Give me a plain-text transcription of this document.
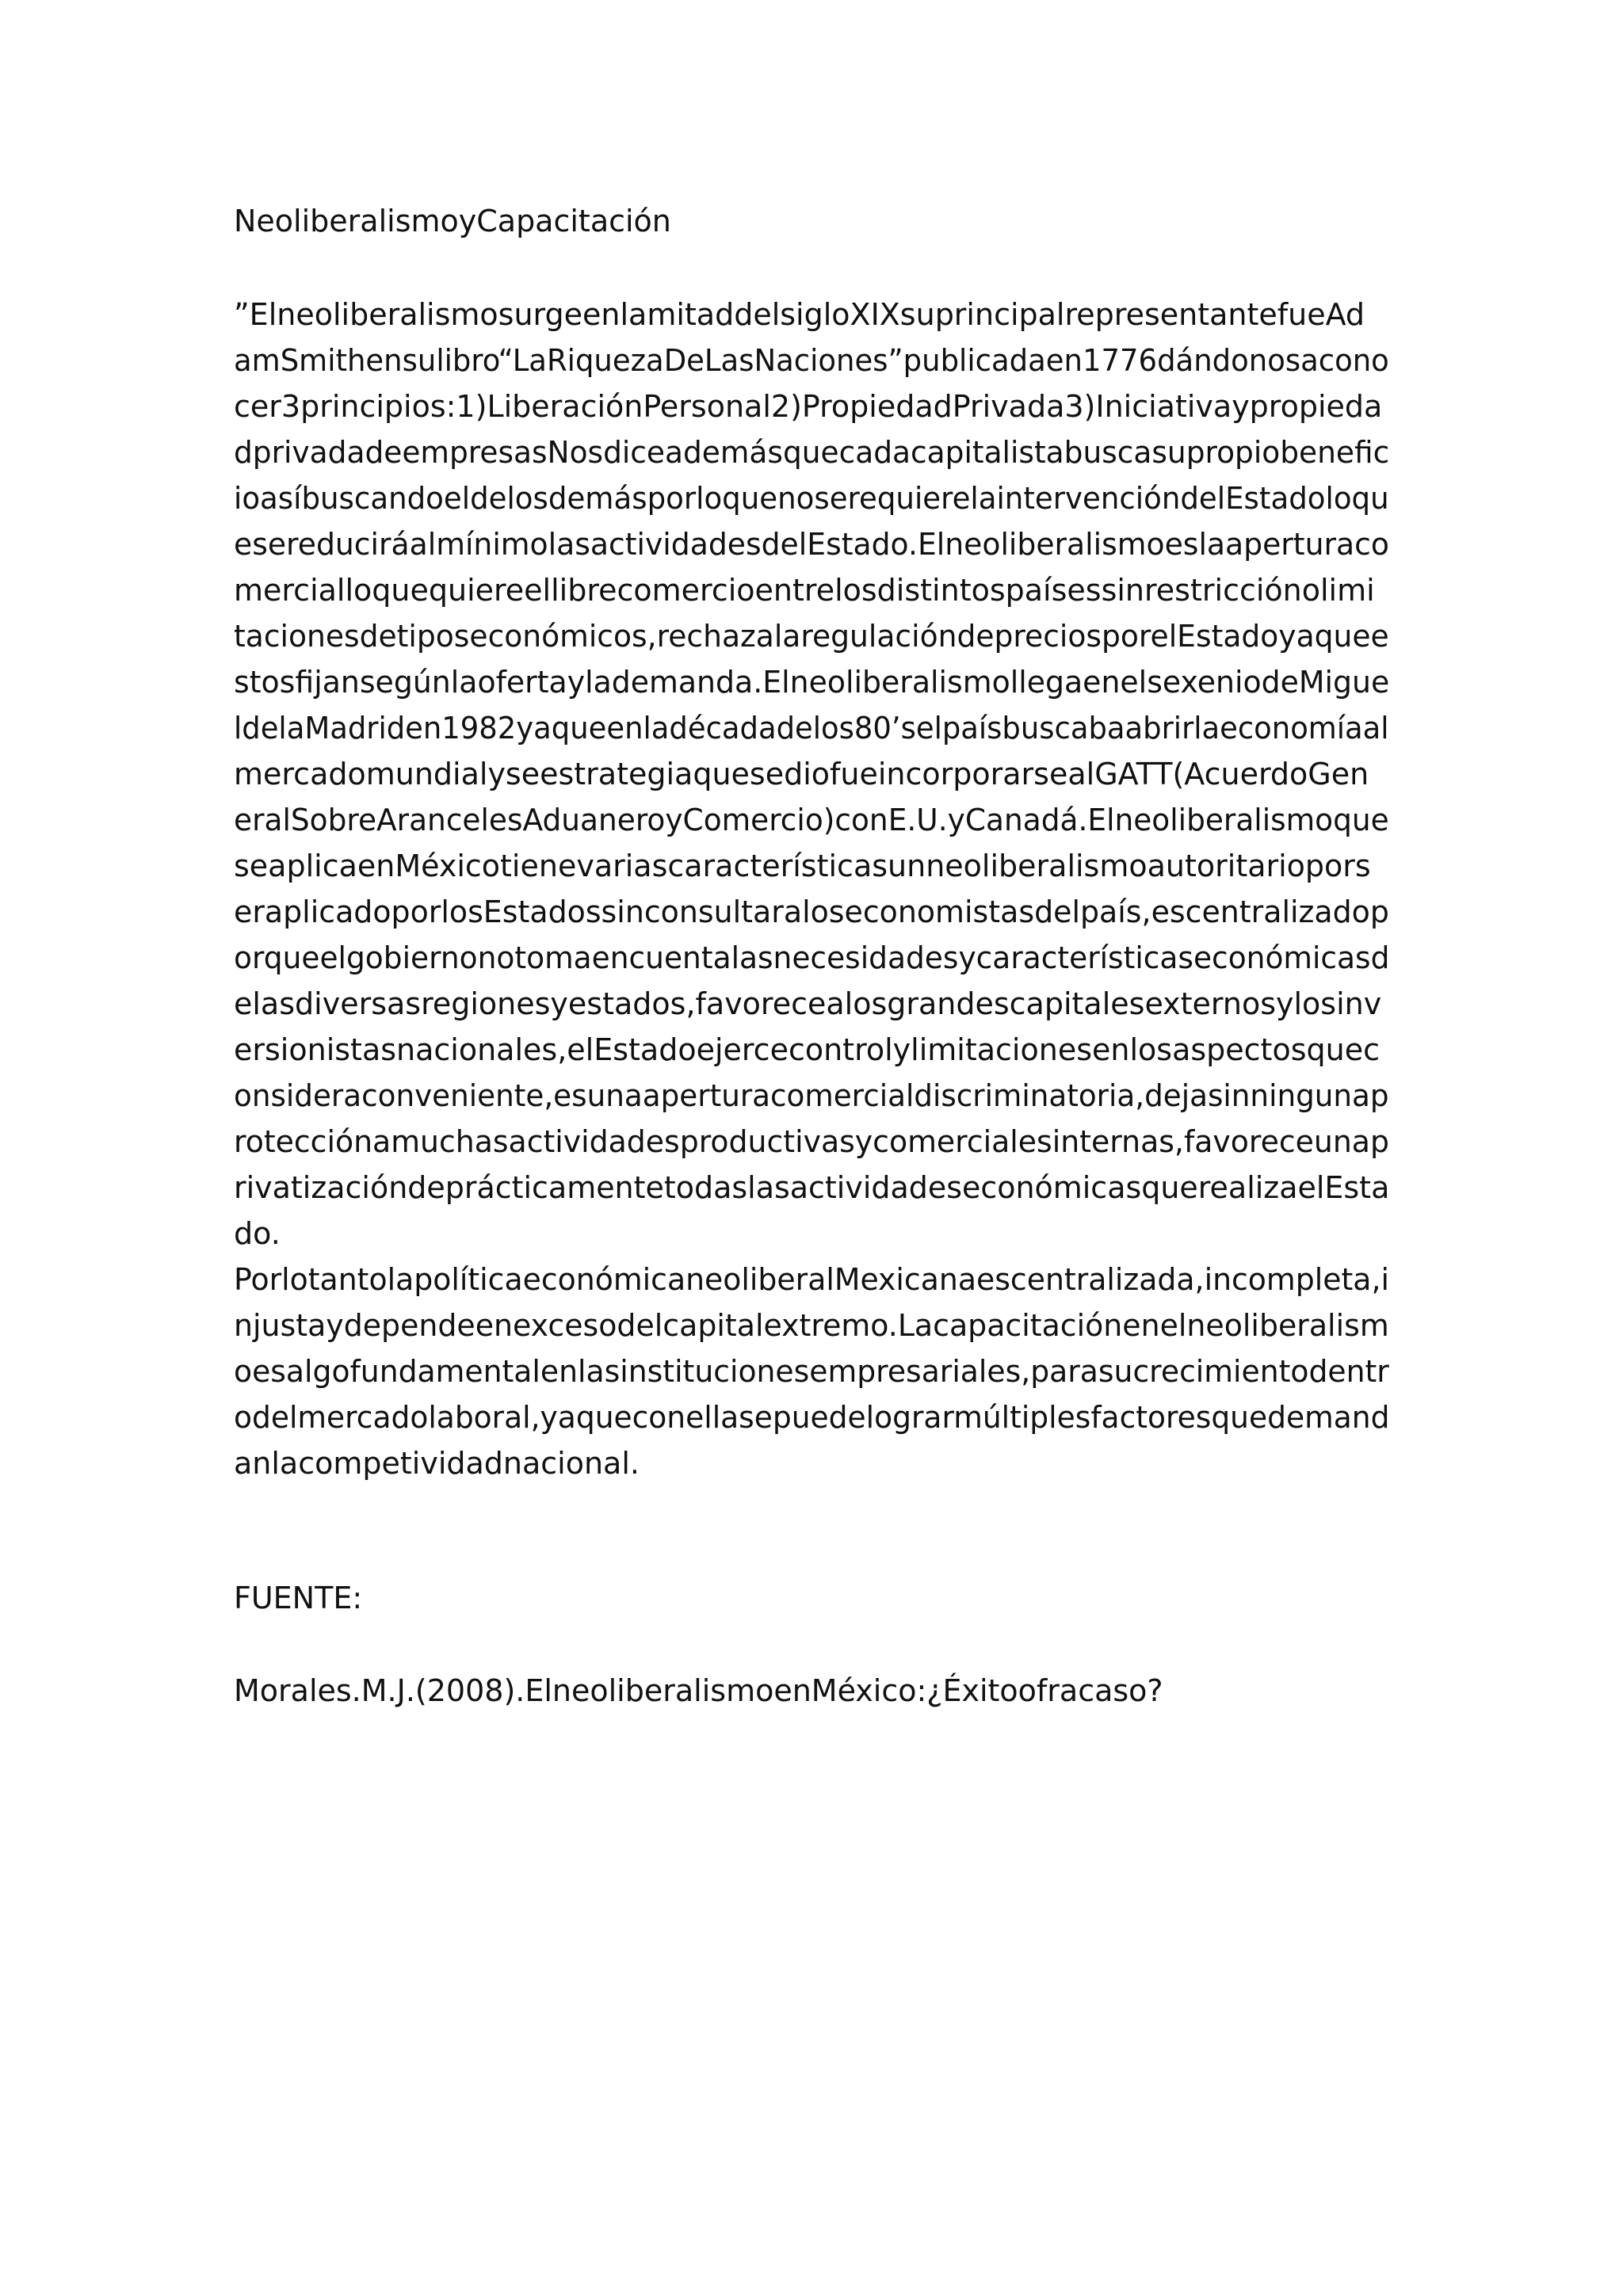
NeoliberalismoyCapacitación
”ElneoliberalismosurgeenlamitaddelsigloXIXsuprincipalrepresentantefueAd
amSmithensulibro“LaRiquezaDeLasNaciones”publicadaen1776dándonosacono
cer3principios:1)LiberaciónPersonal2)PropiedadPrivada3)Iniciativaypropieda
dprivadadeempresasNosdiceademásquecadacapitalistabuscasupropiobenefic
ioasíbuscandoeldelosdemásporloquenoserequierelaintervencióndelEstadoloqu
esereduciráalmínimolasactividadesdelEstado.Elneoliberalismoeslaaperturaco
mercialloquequiereellibrecomercioentrelosdistintospaísessinrestricciónolimi
tacionesdetiposeconómicos,rechazalaregulacióndepreciosporelEstadoyaquee
stosfijansegúnlaofertaylademanda.ElneoliberalismollegaenelsexeniodeMigue
ldelaMadriden1982yaqueenladécadadelos80’selpaísbuscabaabrirlaeconomíaal
mercadomundialyseestrategiaquesediofueincorporarsealGATT(AcuerdoGen
eralSobreArancelesAduaneroyComercio)conE.U.yCanadá.Elneoliberalismoque
seaplicaenMéxicotienevariascaracterísticasunneoliberalismoautoritariopors
eraplicadoporlosEstadossinconsultaraloseconomistasdelpaís,escentralizadop
orqueelgobiernonotomaencuentalasnecesidadesycaracterísticaseconómicasd
elasdiversasregionesyestados,favorecealosgrandescapitalesexternosylosinv
ersionistasnacionales,elEstadoejercecontrolylimitacionesenlosaspectosquec
onsideraconveniente,esunaaperturacomercialdiscriminatoria,dejasinningunap
rotecciónamuchasactividadesproductivasycomercialesinternas,favoreceunap
rivatizacióndeprácticamentetodaslasactividadeseconómicasquerealizaelEsta
do.
PorlotantolapolíticaeconómicaneoliberalMexicanaescentralizada,incompleta,i
njustaydependeenexcesodelcapitalextremo.Lacapacitaciónenelneoliberalism
oesalgofundamentalenlasinstitucionesempresariales,parasucrecimientodentr
odelmercadolaboral,yaqueconellasepuedelograrmúltiplesfactoresquedemand
anlacompetividadnacional.
FUENTE:
Morales.M.J.(2008).ElneoliberalismoenMéxico:¿Éxitoofracaso?
